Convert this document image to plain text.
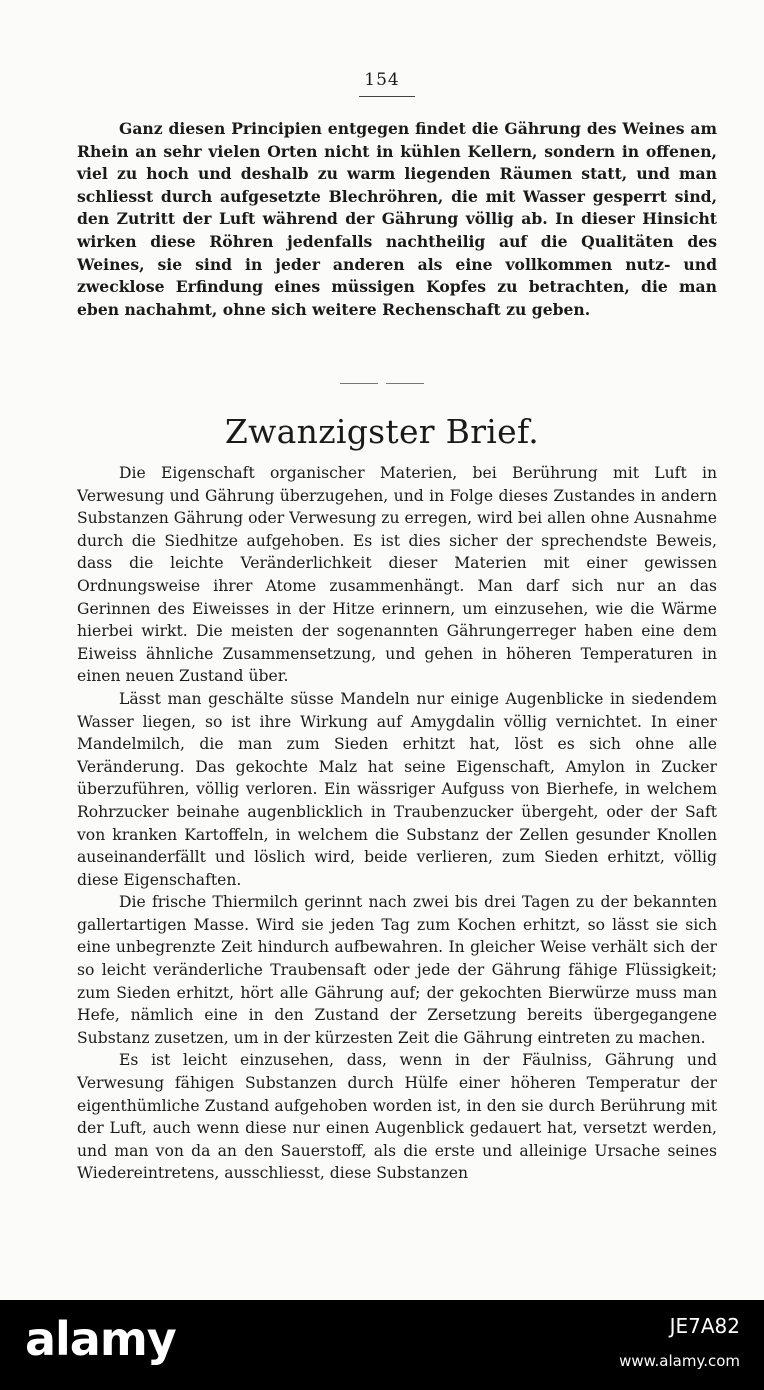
154

Ganz diesen Principien entgegen findet die Gährung des Weines am Rhein an sehr vielen Orten nicht in kühlen Kellern, sondern in offenen, viel zu hoch und deshalb zu warm liegenden Räumen statt, und man schliesst durch aufgesetzte Blechröhren, die mit Wasser gesperrt sind, den Zutritt der Luft während der Gährung völlig ab. In dieser Hinsicht wirken diese Röhren jedenfalls nachtheilig auf die Qualitäten des Weines, sie sind in jeder anderen als eine vollkommen nutz- und zwecklose Erfindung eines müssigen Kopfes zu betrachten, die man eben nachahmt, ohne sich weitere Rechenschaft zu geben.

Zwanzigster Brief.

Die Eigenschaft organischer Materien, bei Berührung mit Luft in Verwesung und Gährung überzugehen, und in Folge dieses Zustandes in andern Substanzen Gährung oder Verwesung zu erregen, wird bei allen ohne Ausnahme durch die Siedhitze aufgehoben. Es ist dies sicher der sprechendste Beweis, dass die leichte Veränderlichkeit dieser Materien mit einer gewissen Ordnungsweise ihrer Atome zusammenhängt. Man darf sich nur an das Gerinnen des Eiweisses in der Hitze erinnern, um einzusehen, wie die Wärme hierbei wirkt. Die meisten der sogenannten Gährungerreger haben eine dem Eiweiss ähnliche Zusammensetzung, und gehen in höheren Temperaturen in einen neuen Zustand über.

Lässt man geschälte süsse Mandeln nur einige Augenblicke in siedendem Wasser liegen, so ist ihre Wirkung auf Amygdalin völlig vernichtet. In einer Mandelmilch, die man zum Sieden erhitzt hat, löst es sich ohne alle Veränderung. Das gekochte Malz hat seine Eigenschaft, Amylon in Zucker überzuführen, völlig verloren. Ein wässriger Aufguss von Bierhefe, in welchem Rohrzucker beinahe augenblicklich in Traubenzucker übergeht, oder der Saft von kranken Kartoffeln, in welchem die Substanz der Zellen gesunder Knollen auseinanderfällt und löslich wird, beide verlieren, zum Sieden erhitzt, völlig diese Eigenschaften.

Die frische Thiermilch gerinnt nach zwei bis drei Tagen zu der bekannten gallertartigen Masse. Wird sie jeden Tag zum Kochen erhitzt, so lässt sie sich eine unbegrenzte Zeit hindurch aufbewahren. In gleicher Weise verhält sich der so leicht veränderliche Traubensaft oder jede der Gährung fähige Flüssigkeit; zum Sieden erhitzt, hört alle Gährung auf; der gekochten Bierwürze muss man Hefe, nämlich eine in den Zustand der Zersetzung bereits übergegangene Substanz zusetzen, um in der kürzesten Zeit die Gährung eintreten zu machen.

Es ist leicht einzusehen, dass, wenn in der Fäulniss, Gährung und Verwesung fähigen Substanzen durch Hülfe einer höheren Temperatur der eigenthümliche Zustand aufgehoben worden ist, in den sie durch Berührung mit der Luft, auch wenn diese nur einen Augenblick gedauert hat, versetzt werden, und man von da an den Sauerstoff, als die erste und alleinige Ursache seines Wiedereintretens, ausschliesst, diese Substanzen

alamy	JE7A82
www.alamy.com
